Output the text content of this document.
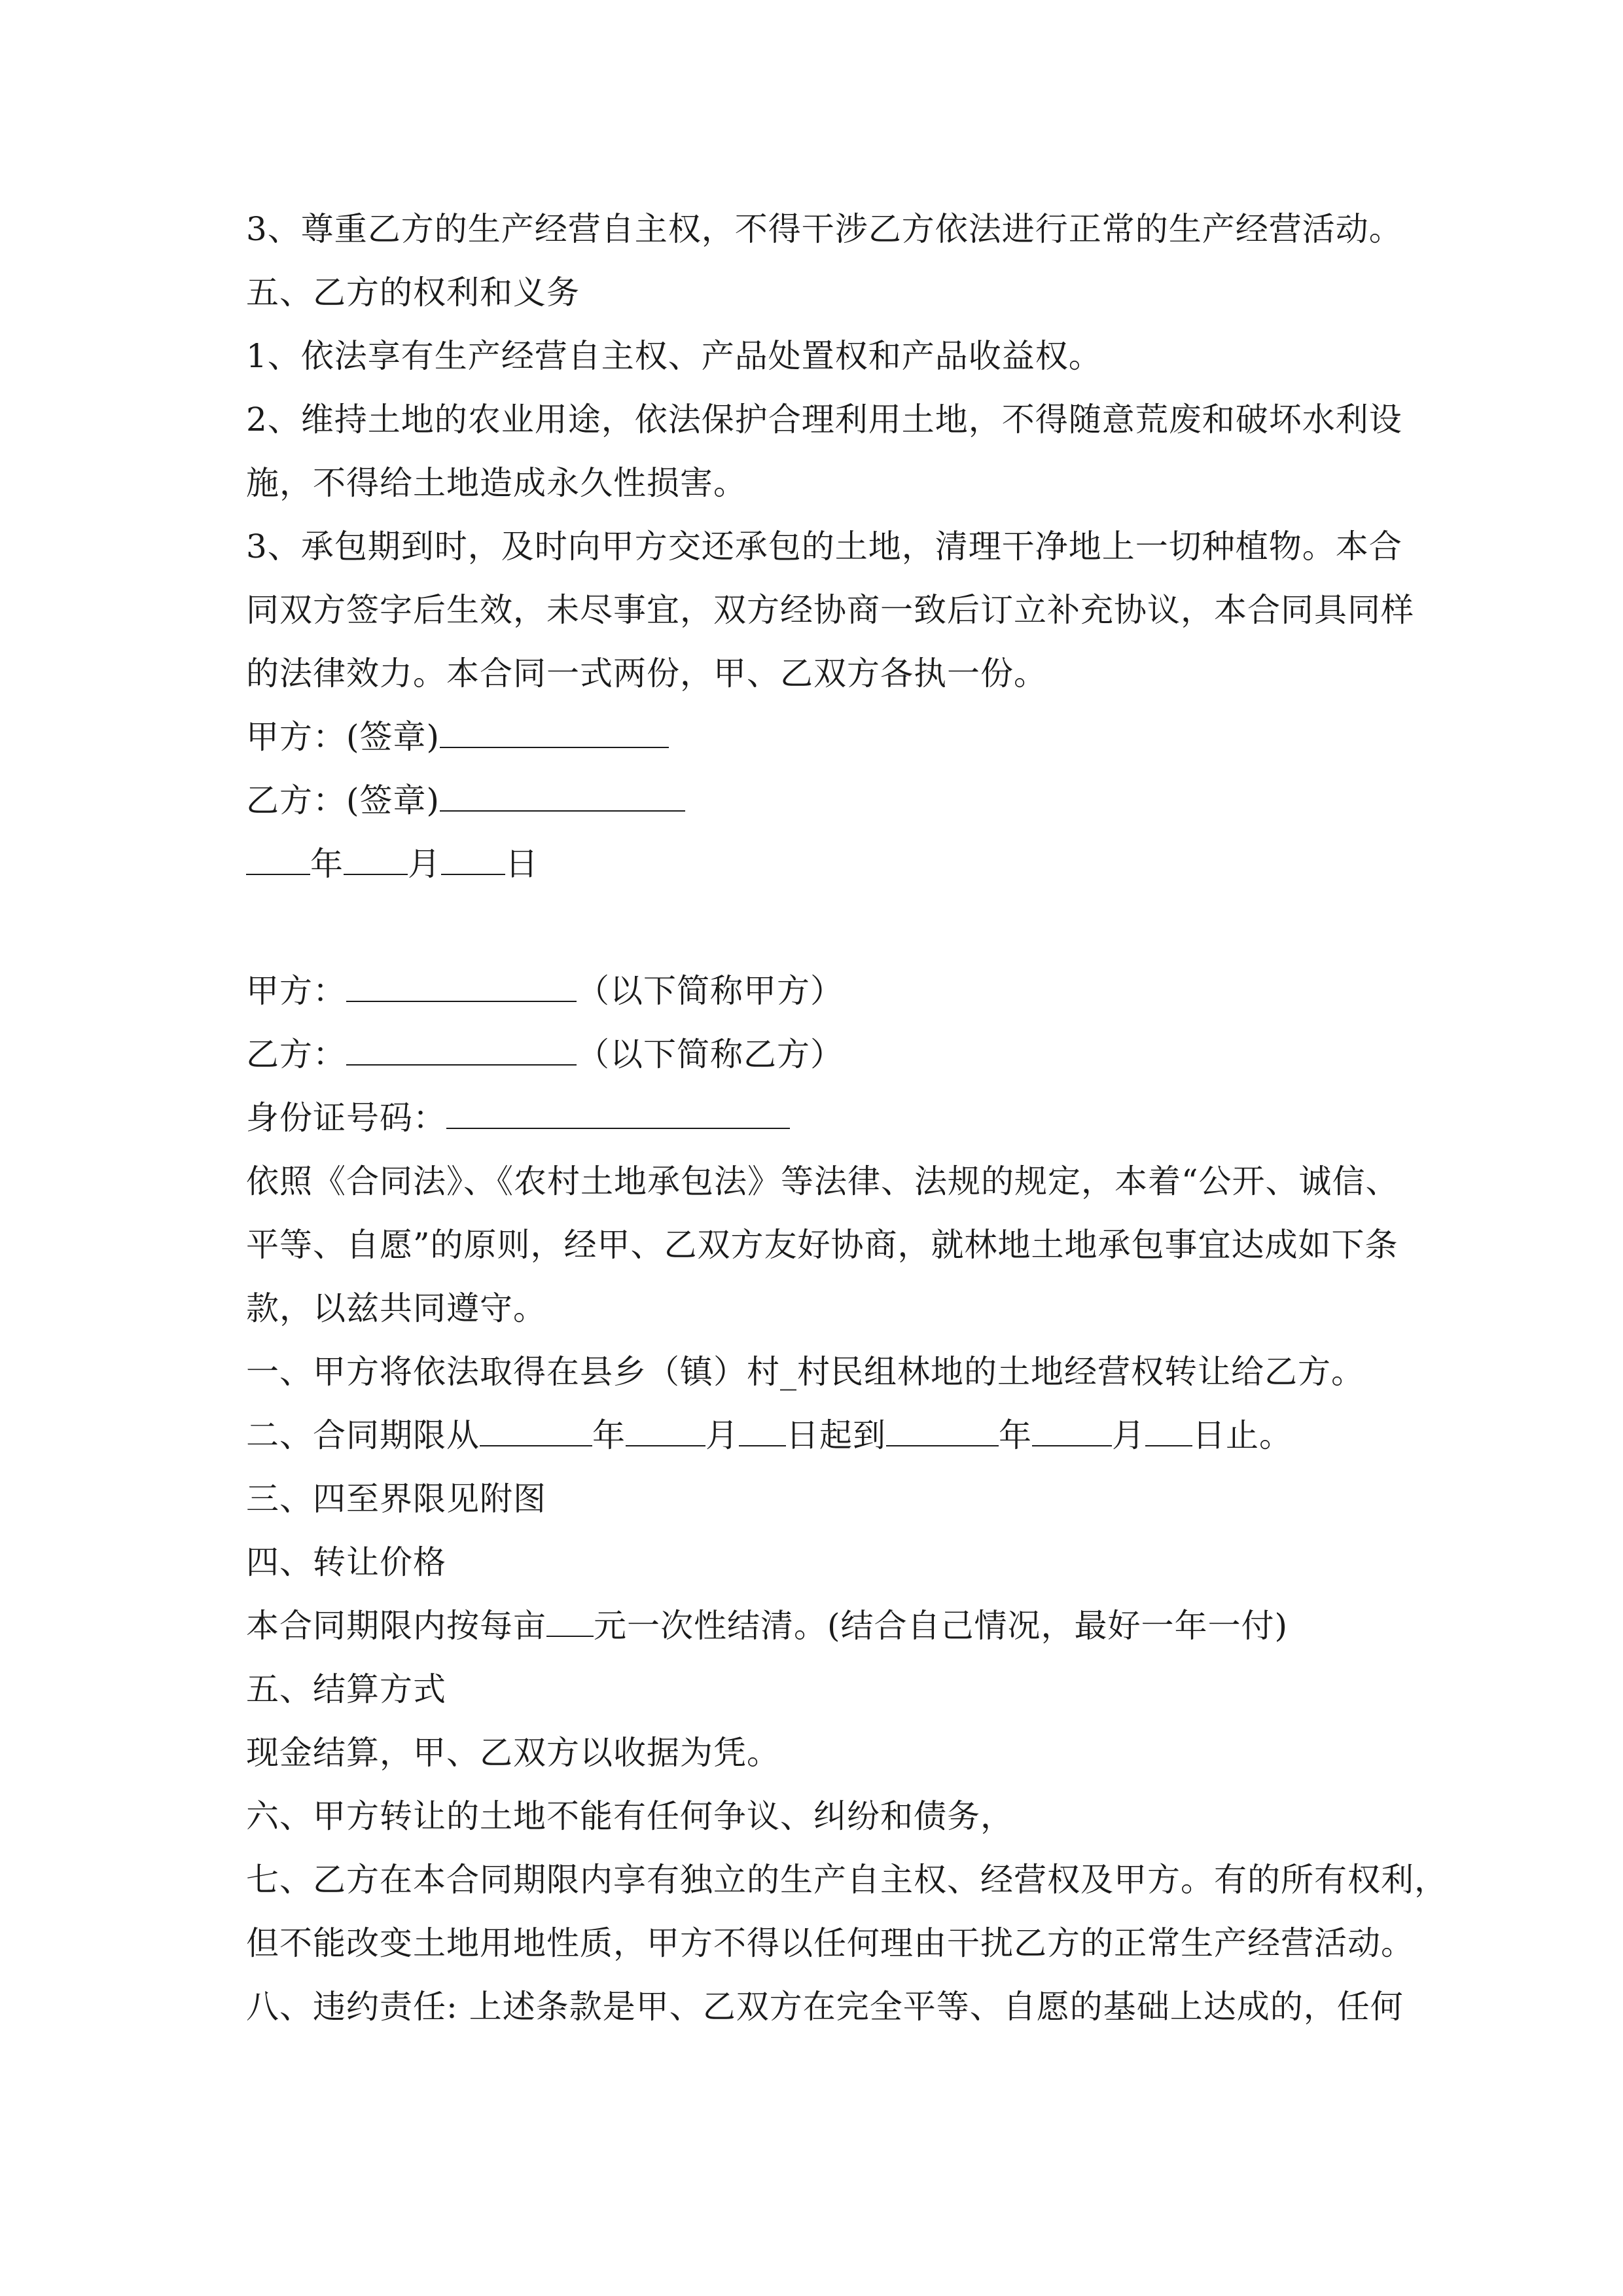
3、尊重乙方的生产经营自主权，不得干涉乙方依法进行正常的生产经营活动。
五、乙方的权利和义务
1、依法享有生产经营自主权、产品处置权和产品收益权。
2、维持土地的农业用途，依法保护合理利用土地，不得随意荒废和破坏水利设
施，不得给土地造成永久性损害。
3、承包期到时，及时向甲方交还承包的土地，清理干净地上一切种植物。本合
同双方签字后生效，未尽事宜，双方经协商一致后订立补充协议，本合同具同样
的法律效力。本合同一式两份，甲、乙双方各执一份。
甲方：(签章)
乙方：(签章)
年 月 日
甲方：	（以下简称甲方）
乙方：	（以下简称乙方）
身份证号码：
依照《合同法》、《农村土地承包法》等法律、法规的规定，本着“公开、诚信、
平等、自愿”的原则，经甲、乙双方友好协商，就林地土地承包事宜达成如下条
款，以兹共同遵守。
一、甲方将依法取得在县乡（镇）村_村民组林地的土地经营权转让给乙方。
二、合同期限从	年 月 日起到	年 月 日止。
三、四至界限见附图
四、转让价格
本合同期限内按每亩 元一次性结清。(结合自己情况，最好一年一付)
五、结算方式
现金结算，甲、乙双方以收据为凭。
六、甲方转让的土地不能有任何争议、纠纷和债务，
七、乙方在本合同期限内享有独立的生产自主权、经营权及甲方。有的所有权利，
但不能改变土地用地性质，甲方不得以任何理由干扰乙方的正常生产经营活动。
八、违约责任: 上述条款是甲、乙双方在完全平等、自愿的基础上达成的，任何
